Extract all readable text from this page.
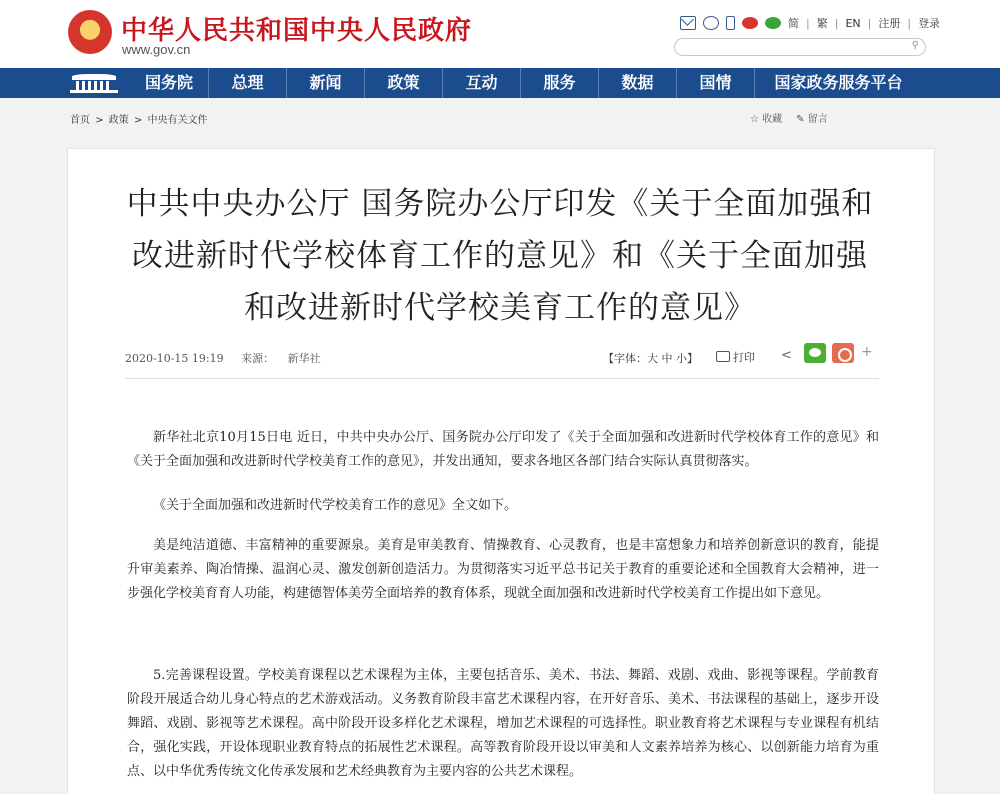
★
中华人民共和国中央人民政府
www.gov.cn
简 | 繁 | EN | 注册 | 登录
⚲
国务院	总理	新闻	政策	互动	服务	数据	国情	国家政务服务平台
首页 > 政策 > 中央有关文件	☆ 收藏 ✎ 留言
中共中央办公厅 国务院办公厅印发《关于全面加强和
改进新时代学校体育工作的意见》和《关于全面加强
和改进新时代学校美育工作的意见》
2020-10-15 19:19 来源： 新华社	【字体：大 中 小】	打印 <	+
新华社北京10月15日电 近日，中共中央办公厅、国务院办公厅印发了《关于全面加强和改进新时代学校体育工作的意见》和《关于全面加强和改进新时代学校美育工作的意见》，并发出通知，要求各地区各部门结合实际认真贯彻落实。
《关于全面加强和改进新时代学校美育工作的意见》全文如下。
美是纯洁道德、丰富精神的重要源泉。美育是审美教育、情操教育、心灵教育，也是丰富想象力和培养创新意识的教育，能提升审美素养、陶冶情操、温润心灵、激发创新创造活力。为贯彻落实习近平总书记关于教育的重要论述和全国教育大会精神，进一步强化学校美育育人功能，构建德智体美劳全面培养的教育体系，现就全面加强和改进新时代学校美育工作提出如下意见。
5.完善课程设置。学校美育课程以艺术课程为主体，主要包括音乐、美术、书法、舞蹈、戏剧、戏曲、影视等课程。学前教育阶段开展适合幼儿身心特点的艺术游戏活动。义务教育阶段丰富艺术课程内容，在开好音乐、美术、书法课程的基础上，逐步开设舞蹈、戏剧、影视等艺术课程。高中阶段开设多样化艺术课程，增加艺术课程的可选择性。职业教育将艺术课程与专业课程有机结合，强化实践，开设体现职业教育特点的拓展性艺术课程。高等教育阶段开设以审美和人文素养培养为核心、以创新能力培育为重点、以中华优秀传统文化传承发展和艺术经典教育为主要内容的公共艺术课程。
